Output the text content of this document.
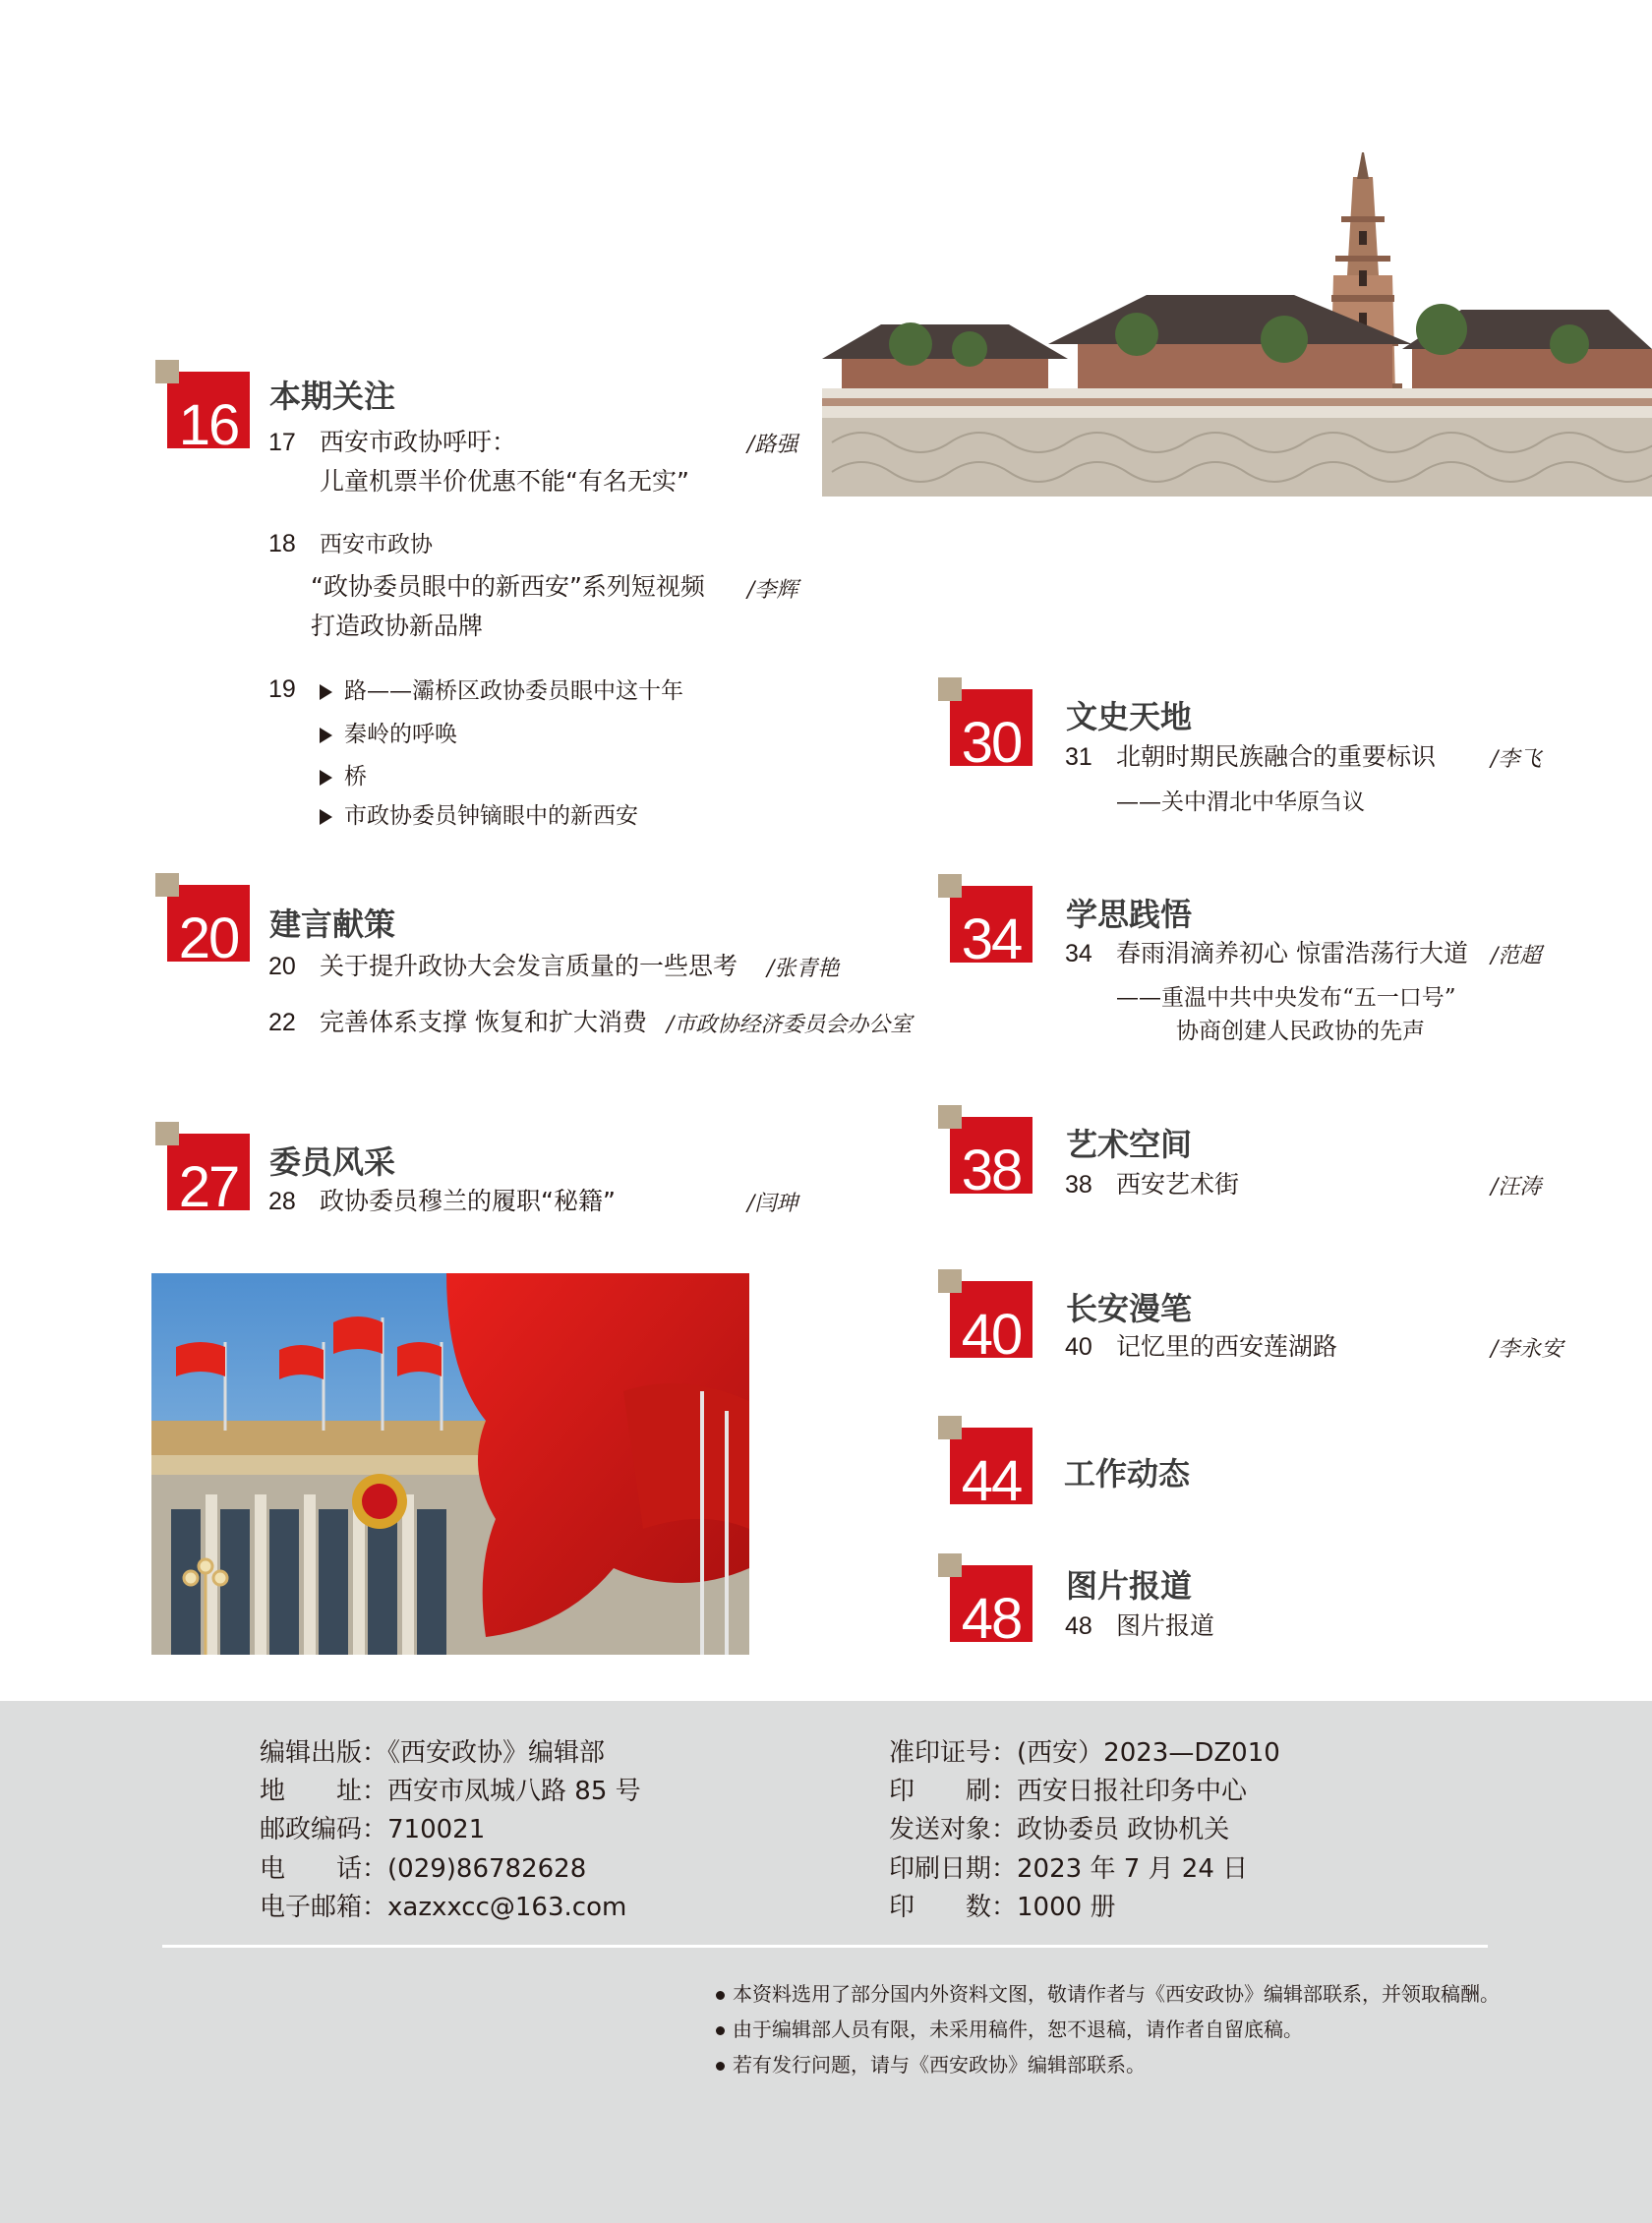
16 本期关注
17 西安市政协呼吁：
儿童机票半价优惠不能“有名无实”
/路强
18 西安市政协
“政协委员眼中的新西安”系列短视频
打造政协新品牌
/李辉
19	路——灞桥区政协委员眼中这十年
秦岭的呼唤
桥
市政协委员钟镝眼中的新西安
20 建言献策
20 关于提升政协大会发言质量的一些思考 /张青艳
22 完善体系支撑 恢复和扩大消费 /市政协经济委员会办公室
27 委员风采
28 政协委员穆兰的履职“秘籍”	/闫珅
30	文史天地
31 北朝时期民族融合的重要标识
——关中渭北中华原刍议
/李飞
34	学思践悟
34 春雨涓滴养初心 惊雷浩荡行大道
——重温中共中央发布“五一口号”
协商创建人民政协的先声
/范超
38	艺术空间
38 西安艺术街	/汪涛
40	长安漫笔
40 记忆里的西安莲湖路	/李永安
44	工作动态
48
图片报道
48 图片报道
编辑出版：《西安政协》编辑部
地　　址：西安市凤城八路 85 号
邮政编码：710021
电　　话：(029)86782628
电子邮箱：xazxxcc@163.com
准印证号：(西安）2023—DZ010
印　　刷：西安日报社印务中心
发送对象：政协委员 政协机关
印刷日期：2023 年 7 月 24 日
印　　数：1000 册
本资料选用了部分国内外资料文图，敬请作者与《西安政协》编辑部联系，并领取稿酬。
由于编辑部人员有限，未采用稿件，恕不退稿，请作者自留底稿。
若有发行问题，请与《西安政协》编辑部联系。
